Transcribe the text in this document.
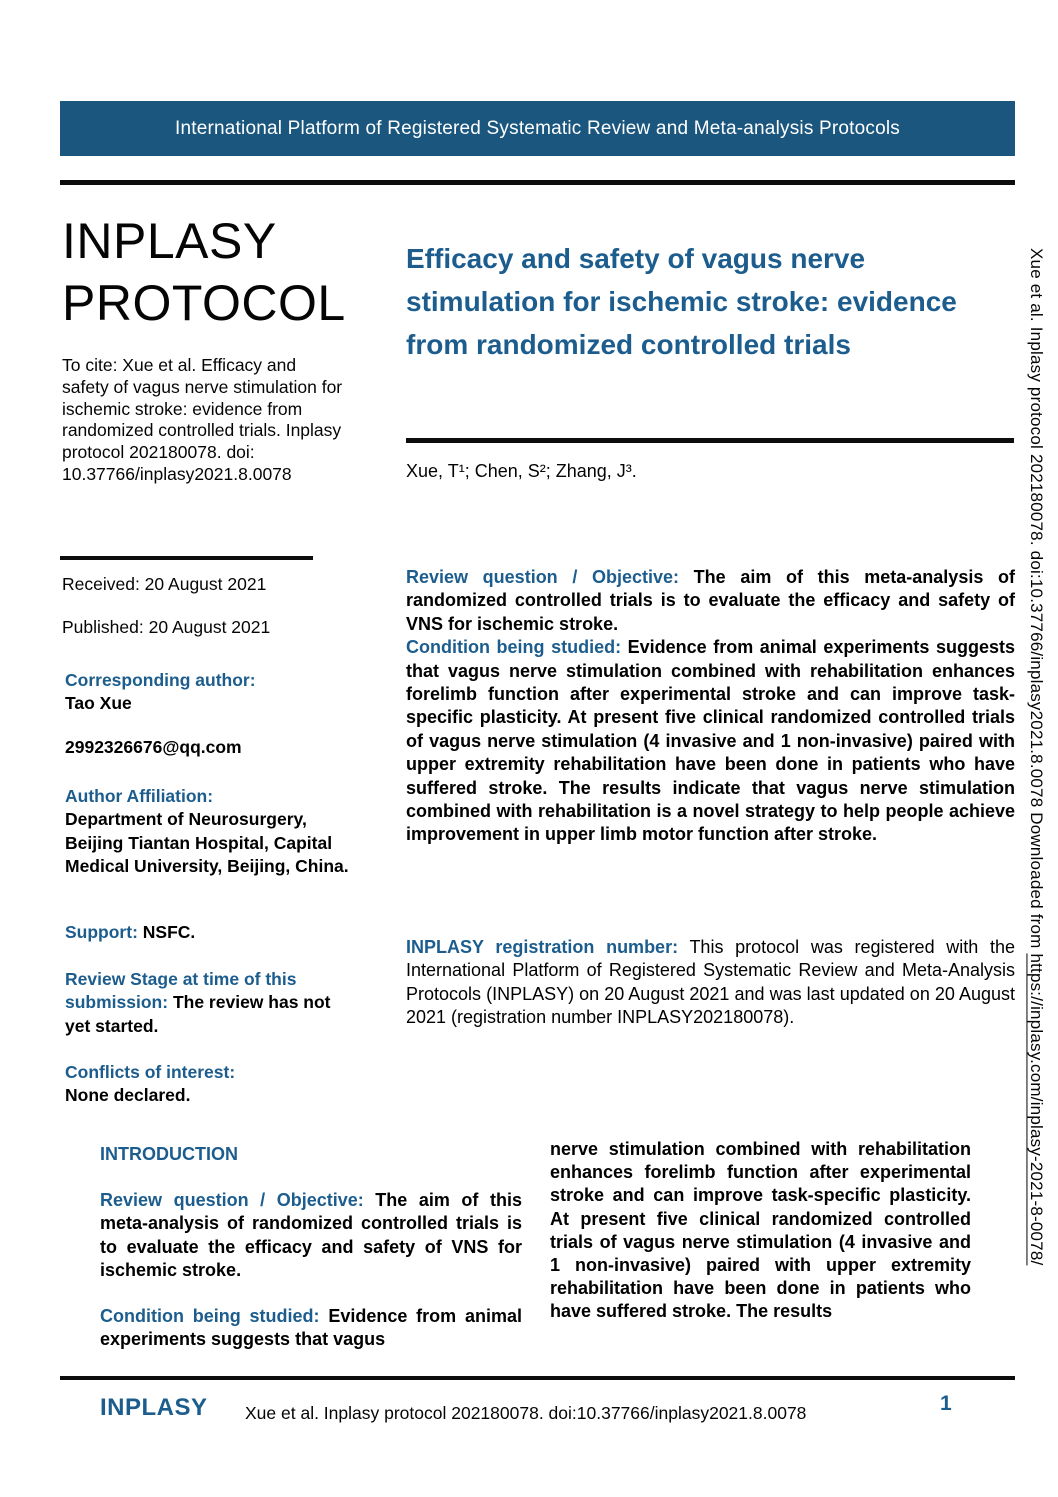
International Platform of Registered Systematic Review and Meta-analysis Protocols
INPLASY
PROTOCOL
To cite: Xue et al. Efficacy and safety of vagus nerve stimulation for ischemic stroke: evidence from randomized controlled trials. Inplasy protocol 202180078. doi: 10.37766/inplasy2021.8.0078
Received: 20 August 2021
Published: 20 August 2021
Corresponding author:
Tao Xue
2992326676@qq.com
Author Affiliation:
Department of Neurosurgery, Beijing Tiantan Hospital, Capital Medical University, Beijing, China.
Support: NSFC.
Review Stage at time of this submission: The review has not yet started.
Conflicts of interest:
None declared.
Efficacy and safety of vagus nerve stimulation for ischemic stroke: evidence from randomized controlled trials
Xue, T¹; Chen, S²; Zhang, J³.

Review question / Objective: The aim of this meta-analysis of randomized controlled trials is to evaluate the efficacy and safety of VNS for ischemic stroke.

Condition being studied: Evidence from animal experiments suggests that vagus nerve stimulation combined with rehabilitation enhances forelimb function after experimental stroke and can improve task-specific plasticity. At present five clinical randomized controlled trials of vagus nerve stimulation (4 invasive and 1 non-invasive) paired with upper extremity rehabilitation have been done in patients who have suffered stroke. The results indicate that vagus nerve stimulation combined with rehabilitation is a novel strategy to help people achieve improvement in upper limb motor function after stroke.

INPLASY registration number: This protocol was registered with the International Platform of Registered Systematic Review and Meta-Analysis Protocols (INPLASY) on 20 August 2021 and was last updated on 20 August 2021 (registration number INPLASY202180078).

INTRODUCTION

Review question / Objective: The aim of this meta-analysis of randomized controlled trials is to evaluate the efficacy and safety of VNS for ischemic stroke.

Condition being studied: Evidence from animal experiments suggests that vagus

nerve stimulation combined with rehabilitation enhances forelimb function after experimental stroke and can improve task-specific plasticity. At present five clinical randomized controlled trials of vagus nerve stimulation (4 invasive and 1 non-invasive) paired with upper extremity rehabilitation have been done in patients who have suffered stroke. The results

INPLASY Xue et al. Inplasy protocol 202180078. doi:10.37766/inplasy2021.8.0078	1
Xue et al. Inplasy protocol 202180078. doi:10.37766/inplasy2021.8.0078 Downloaded from https://inplasy.com/inplasy-2021-8-0078/
